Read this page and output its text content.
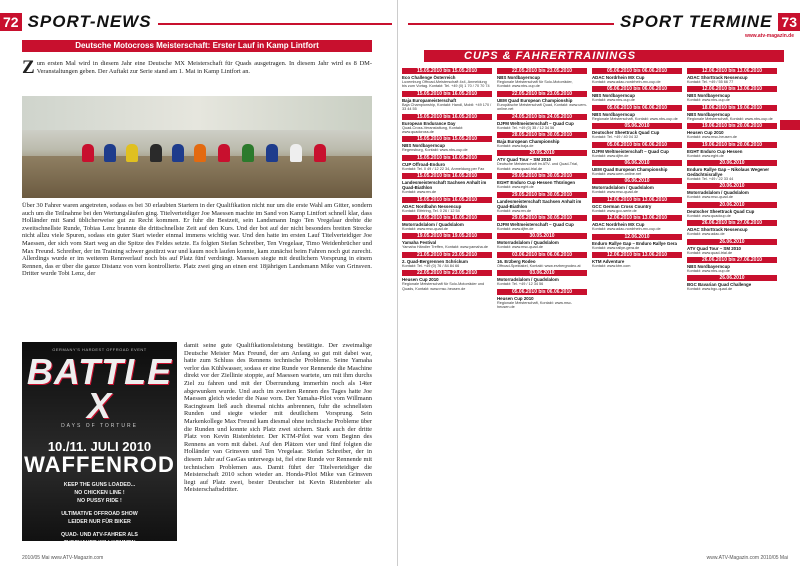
72 SPORT-NEWS
Deutsche Motocross Meisterschaft: Erster Lauf in Kamp Lintfort
Zum ersten Mal wird in diesem Jahr eine Deutsche MX Meisterschaft für Quads ausgetragen. In diesem Jahr wird es 8 DM-Veranstaltungen geben. Der Auftakt zur Serie stand am 1. Mai in Kamp Lintfort an.
Über 30 Fahrer waren angetreten, sodass es bei 30 erlaubten Startern in der Qualifikation nicht nur um die erste Wahl am Gitter, sondern auch um die Teilnahme bei den Wertungsläufen ging. Titelverteidiger Joe Maessen machte im Sand von Kamp Lintfort schnell klar, dass Holländer mit Sand üblicherweise gut zu Recht kommen. Er fuhr die Bestzeit, sein Landsmann Ingo Ten Vregelaar drehte die zweitschnellste Runde, Tobias Lenz brannte die drittschnellste Zeit auf den Kurs. Und der bot auf der nicht besonders breiten Strecke nicht allzu viele Spuren, sodass ein guter Start wieder einmal immens wichtig war. Und den hatte im ersten Lauf Titelverteidiger Joe Maessen, der sich vom Start weg an die Spitze des Feldes setzte. Es folgten Stefan Schreiber, Ten Vregelaar, Timo Weidenbrücher und Max Freund. Schreiber, der im Training schwer gestürzt war und kaum noch laufen konnte, kam zunächst beim Fahren noch gut zurecht. Allerdings wurde er im weiteren Rennverlauf noch bis auf Platz fünf verdrängt. Maessen siegte mit deutlichem Vorsprung in einem Rennen, das er über die ganze Distanz von vorn kontrollierte. Platz zwei ging an einen erst 18jährigen Landsmann Mike van Grinsven. Dritter wurde Tobi Lenz, der
GERMANY'S HARDEST OFFROAD EVENT
BATTLE X
DAYS OF TORTURE
10./11. JULI 2010
WAFFENROD
KEEP THE GUNS LOADED...
NO CHICKEN LINE !
NO PUSSY RIDE !
ULTIMATIVE OFFROAD SHOW
LEIDER NUR FÜR BIKER
QUAD- UND ATV-FAHRER ALS
damit seine gute Qualifikationsleistung bestätigte. Der zweimalige Deutsche Meister Max Freund, der am Anfang so gut mit dabei war, hatte zum Schluss des Rennens technische Probleme. Seine Yamaha verlor das Kühlwasser, sodass er eine Runde vor Rennende die Maschine direkt vor der Ziellinie stoppte, auf Maessen wartete, um mit ihm durchs Ziel zu fahren und mit der Überrundung immerhin noch als 14ter abgewunken wurde. Und auch im zweiten Rennen des Tages hatte Joe Maessen gleich wieder die Nase vorn. Der Yamaha-Pilot vom Willmann Racingteam ließ auch diesmal nichts anbrennen, fuhr die schnellsten Runden und siegte wieder mit deutlichem Vorsprung. Sein Markenkollege Max Freund kam diesmal ohne technische Probleme über die Runden und konnte sich Platz zwei sichern. Stark auch der dritte Platz von Kevin Ristenbieter. Der KTM-Pilot war vom Beginn des Rennens an vorn mit dabei. Auf den Plätzen vier und fünf folgten die Holländer van Grinsven und Ten Vregelaar. Stefan Schreiber, der in diesem Jahr auf GasGas unterwegs ist, fiel eine Runde vor Rennende mit technischen Problemen aus. Damit führt der Titelverteidiger die Meisterschaft 2010 schon wieder an. Honda-Pilot Mike van Grinsven liegt auf Platz zwei, bester Deutscher ist Kevin Ristenbieter als Meisterschaftsdritter.
2010/05 Mai www.ATV-Magazin.com
SPORT TERMINE 73
www.atv-magazin.de
CUPS & FAHRERTRAININGS
15.05.2010 bis 15.05.2010
Eco Challenge Österreich
Luxemburg Offroad-Meisterschaft 4x4, Anmeldung bis zum Vortag. Kontakt: Tel. +49 (0) 1 70 / 70 70 74
15.05.2010 bis 16.05.2010
Baja Europameisterschaft
Baja Championship, Kontakt: Handl, Mobil: +49 170 / 33 44 55
15.05.2010 bis 16.05.2010
European Endurance Day
Quad-Cross-Veranstaltung, Kontakt: www.quadcross.de
15.05.2010 bis 15.05.2010
NBS Nordbayerncup
Regensburg, Kontakt: www.nbs-cup.de
15.05.2010 bis 16.05.2010
CUP Offroad-Enduro
Kontakt: Tel. 0 49 / 12 22 34, Anmeldung per Fax
15.05.2010 bis 16.05.2010
Landesmeisterschaft Sachsen Anhalt im Quad-Biathlon
Kontakt: www.mv.de
15.05.2010 bis 16.05.2010
ADAC Nordbahn Nessencup
Kontakt: Eifelring, Tel. 0 26 / 12 54
16.05.2010 bis 16.05.2010
Motorradslalom / Quadslalom
Kontakt: www.msc-quad.de
19.05.2010 bis 19.05.2010
Yamaha Festival
Yamaha Händler Treffen, Kontakt: www.yamaha.de
21.05.2010 bis 23.05.2010
2. Quad-Bergrennen Schrickum
Kontakt: Tel. +49 (0) 76 / 84 84 66
22.05.2010 bis 23.05.2010
Heusen Cup 2010
Regionale Meisterschaft für Solo-Motorräder und Quads, Kontakt: www.msc-heusen.de
22.05.2010 bis 23.05.2010
NBS Nordbayerncup
Regionale Meisterschaft für Solo-Motorräder, Kontakt: www.nbs-cup.de
22.05.2010 bis 23.05.2010
UEM Quad European Championship
Europäische Meisterschaft Quad, Kontakt: www.uem-online.net
24.05.2010 bis 24.05.2010
DJFM Weltmeisterschaft – Quad Cup
Kontakt: Tel. +49 (0) 35 / 12 34 56
28.05.2010 bis 30.05.2010
Baja European Championship
Kontakt: www.baja.de
29.05.2010
ATV Quad Tour – SM 2010
Deutsche Meisterschaft im ATV- und Quad-Trial, Kontakt: www.quad-trial.de
29.05.2010 bis 30.05.2010
EGHT Enduro Cup Hessen Thüringen
Kontakt: www.eght.de
29.05.2010 bis 30.05.2010
Landesmeisterschaft Sachsen Anhalt im Quad-Biathlon
Kontakt: www.mv.de
29.05.2010 bis 30.05.2010
DJFM Weltmeisterschaft – Quad Cup
Kontakt: www.djfm.de
30.05.2010
Motorradslalom / Quadslalom
Kontakt: www.msc-quad.de
03.06.2010 bis 06.06.2010
16. Erzberg Rodeo
Offroad-Spektakel, Kontakt: www.erzbergrodeo.at
03.06.2010
Motorradslalom / Quadslalom
Kontakt: Tel. +49 / 12 34 56
05.06.2010 bis 06.06.2010
Heusen Cup 2010
Regionale Meisterschaft, Kontakt: www.msc-heusen.de
05.06.2010 bis 06.06.2010
ADAC Nordrhein MX Cup
Kontakt: www.adac-nordrhein-mx-cup.de
05.06.2010 bis 06.06.2010
NBS Nordbayerncup
Kontakt: www.nbs-cup.de
05.06.2010 bis 06.06.2010
NBS Nordbayerncup
Regionale Meisterschaft, Kontakt: www.nbs-cup.de
05.06.2010
Deutscher Sheettrack Quad Cup
Kontakt: Tel. +49 / 40 04 32
05.06.2010 bis 06.06.2010
DJFM Weltmeisterschaft – Quad Cup
Kontakt: www.djfm.de
06.06.2010
UEM Quad European Championship
Kontakt: www.uem-online.net
06.06.2010
Motorradslalom / Quadslalom
Kontakt: www.msc-quad.de
12.06.2010 bis 13.06.2010
GCC German Cross Country
Kontakt: www.gcc-serie.de
12.06.2010 bis 13.06.2010
ADAC Nordrhein MX Cup
Kontakt: www.adac-nordrhein-mx-cup.de
12.06.2010
Enduro Rallye Gap – Enduro Rallye Gera
Kontakt: www.rallye-gera.de
12.06.2010 bis 13.06.2010
KTM Adventure
Kontakt: www.ktm.com
12.06.2010 bis 13.06.2010
ADAC Shorttrack Nessencup
Kontakt: Tel. +49 / 55 66 77
12.06.2010 bis 13.06.2010
NBS Nordbayerncup
Kontakt: www.nbs-cup.de
18.06.2010 bis 19.06.2010
NBS Nordbayerncup
Regionale Meisterschaft, Kontakt: www.nbs-cup.de
19.06.2010 bis 20.06.2010
Heusen Cup 2010
Kontakt: www.msc-heusen.de
19.06.2010 bis 20.06.2010
EGHT Enduro Cup Hessen
Kontakt: www.eght.de
20.06.2010
Enduro Rallye Gap – Nikolaus Wegener Gedächtnisrallye
Kontakt: Tel. +49 / 22 33 44
20.06.2010
Motorradslalom / Quadslalom
Kontakt: www.msc-quad.de
20.06.2010
Deutscher Sheettrack Quad Cup
Kontakt: www.quadcup.de
26.06.2010 bis 27.06.2010
ADAC Shorttrack Nessencup
Kontakt: www.adac.de
26.06.2010
ATV Quad Tour – SM 2010
Kontakt: www.quad-trial.de
26.06.2010 bis 27.06.2010
NBS Nordbayerncup
Kontakt: www.nbs-cup.de
26.06.2010
BGC Bavarian Quad Challenge
Kontakt: www.bgc-quad.de
www.ATV-Magazin.com 2010/05 Mai
